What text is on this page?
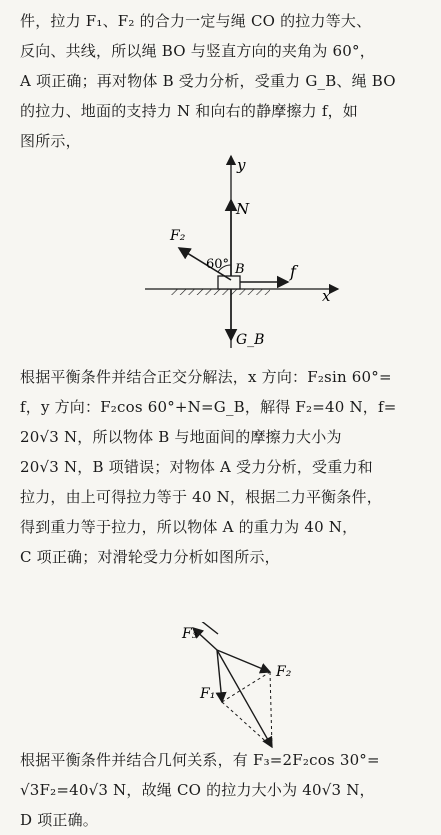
件，拉力 F₁、F₂ 的合力一定与绳 CO 的拉力等大、

反向、共线，所以绳 BO 与竖直方向的夹角为 60°，

A 项正确；再对物体 B 受力分析，受重力 G_B、绳 BO

的拉力、地面的支持力 N 和向右的静摩擦力 f，如

图所示，

y
N
F₂
60° B	f
x
G_B

根据平衡条件并结合正交分解法，x 方向：F₂sin 60°=

f，y 方向：F₂cos 60°+N=G_B，解得 F₂=40 N，f=

20√3 N，所以物体 B 与地面间的摩擦力大小为

20√3 N，B 项错误；对物体 A 受力分析，受重力和

拉力，由上可得拉力等于 40 N，根据二力平衡条件，

得到重力等于拉力，所以物体 A 的重力为 40 N，

C 项正确；对滑轮受力分析如图所示，

F₃
F₂
F₁

根据平衡条件并结合几何关系，有 F₃=2F₂cos 30°=

√3F₂=40√3 N，故绳 CO 的拉力大小为 40√3 N，

D 项正确。
